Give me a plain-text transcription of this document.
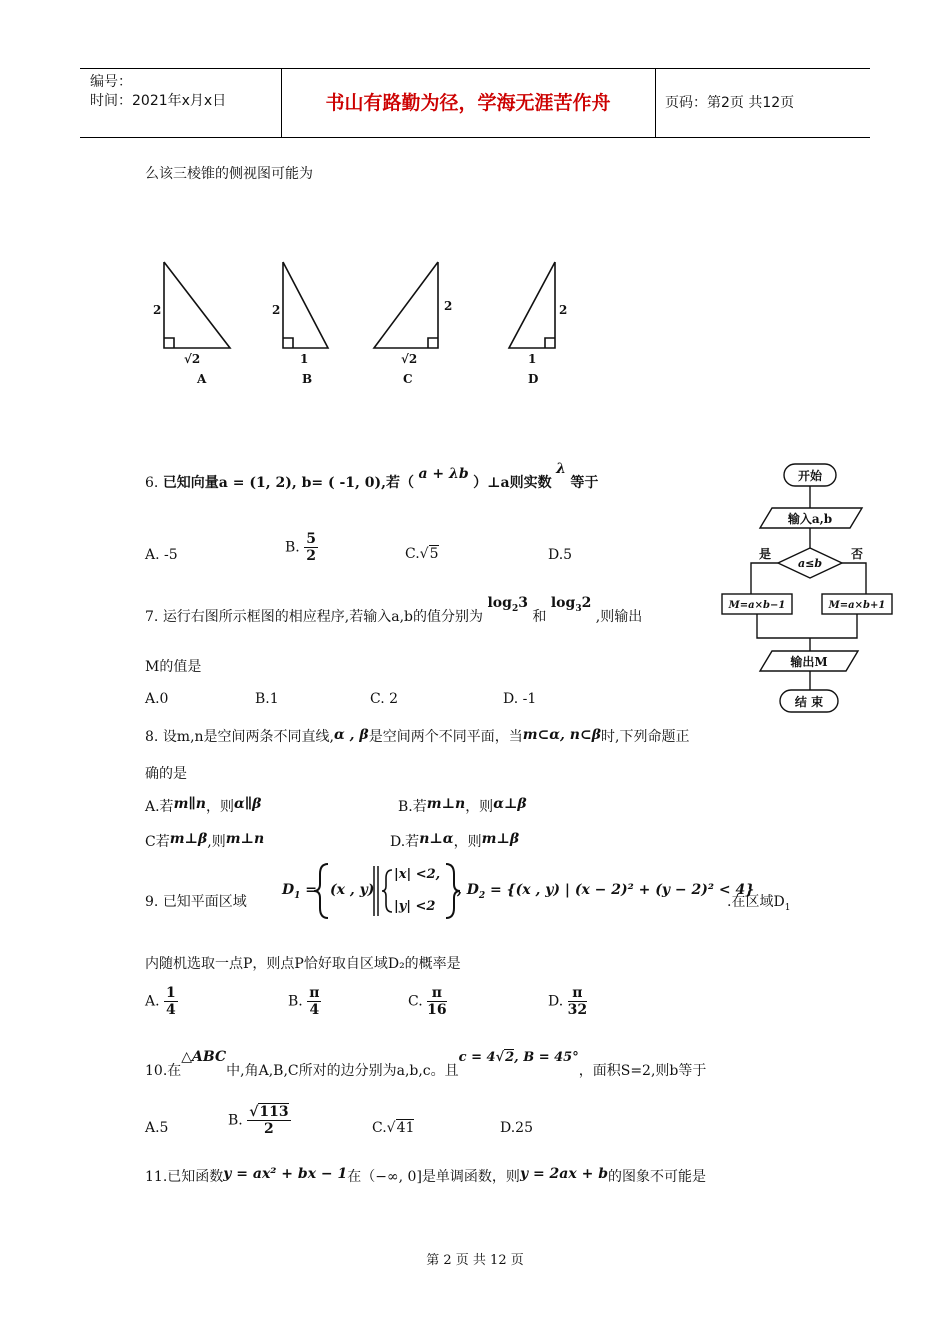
编号：
时间：2021年x月x日	书山有路勤为径，学海无涯苦作舟	页码：第2页 共12页
么该三棱锥的侧视图可能为
2
√2
A
2
1
B
2
√2
C
2
1
D
6. 已知向量a = (1, 2), b= ( -1, 0),若（ a + λb ）⊥a则实数 λ 等于
A. -5	B. $\frac{5}{2}$	C.√5	D.5
开始
输入a,b
a≤b
是	否
M=a×b−1	M=a×b+1
输出M
结 束
7. 运行右图所示框图的相应程序,若输入a,b的值分别为 $\log_23$ 和 $\log_32$ ,则输出
M的值是
A.0	B.1	C. 2	D. -1
8. 设m,n是空间两条不同直线,α , β是空间两个不同平面，当m⊂α, n⊂β时,下列命题正
确的是
A.若m∥n，则α∥β	B.若m⊥n，则α⊥β
C若m⊥β,则m⊥n	D.若n⊥α，则m⊥β
9. 已知平面区域
$D_1 = (x$ , y)
|x| <2,
|y| <2
, $D_2 = \{(x$ , y) | (x − 2)² + (y − 2)² < 4}
.在区域$D_1$
内随机选取一点P，则点P恰好取自区域D₂的概率是
A. $\frac{1}{4}$	B. $\frac{\pi}{4}$	C. $\frac{\pi}{16}$	D. $\frac{\pi}{32}$
10.在△ABC中,角A,B,C所对的边分别为a,b,c。且c = 4√2, B = 45°，面积S=2,则b等于
A.5	B. $\frac{√113}{2}$	C.√41	D.25
11.已知函数y = ax² + bx − 1在（−∞, 0]是单调函数，则y = 2ax + b的图象不可能是
第 2 页 共 12 页
